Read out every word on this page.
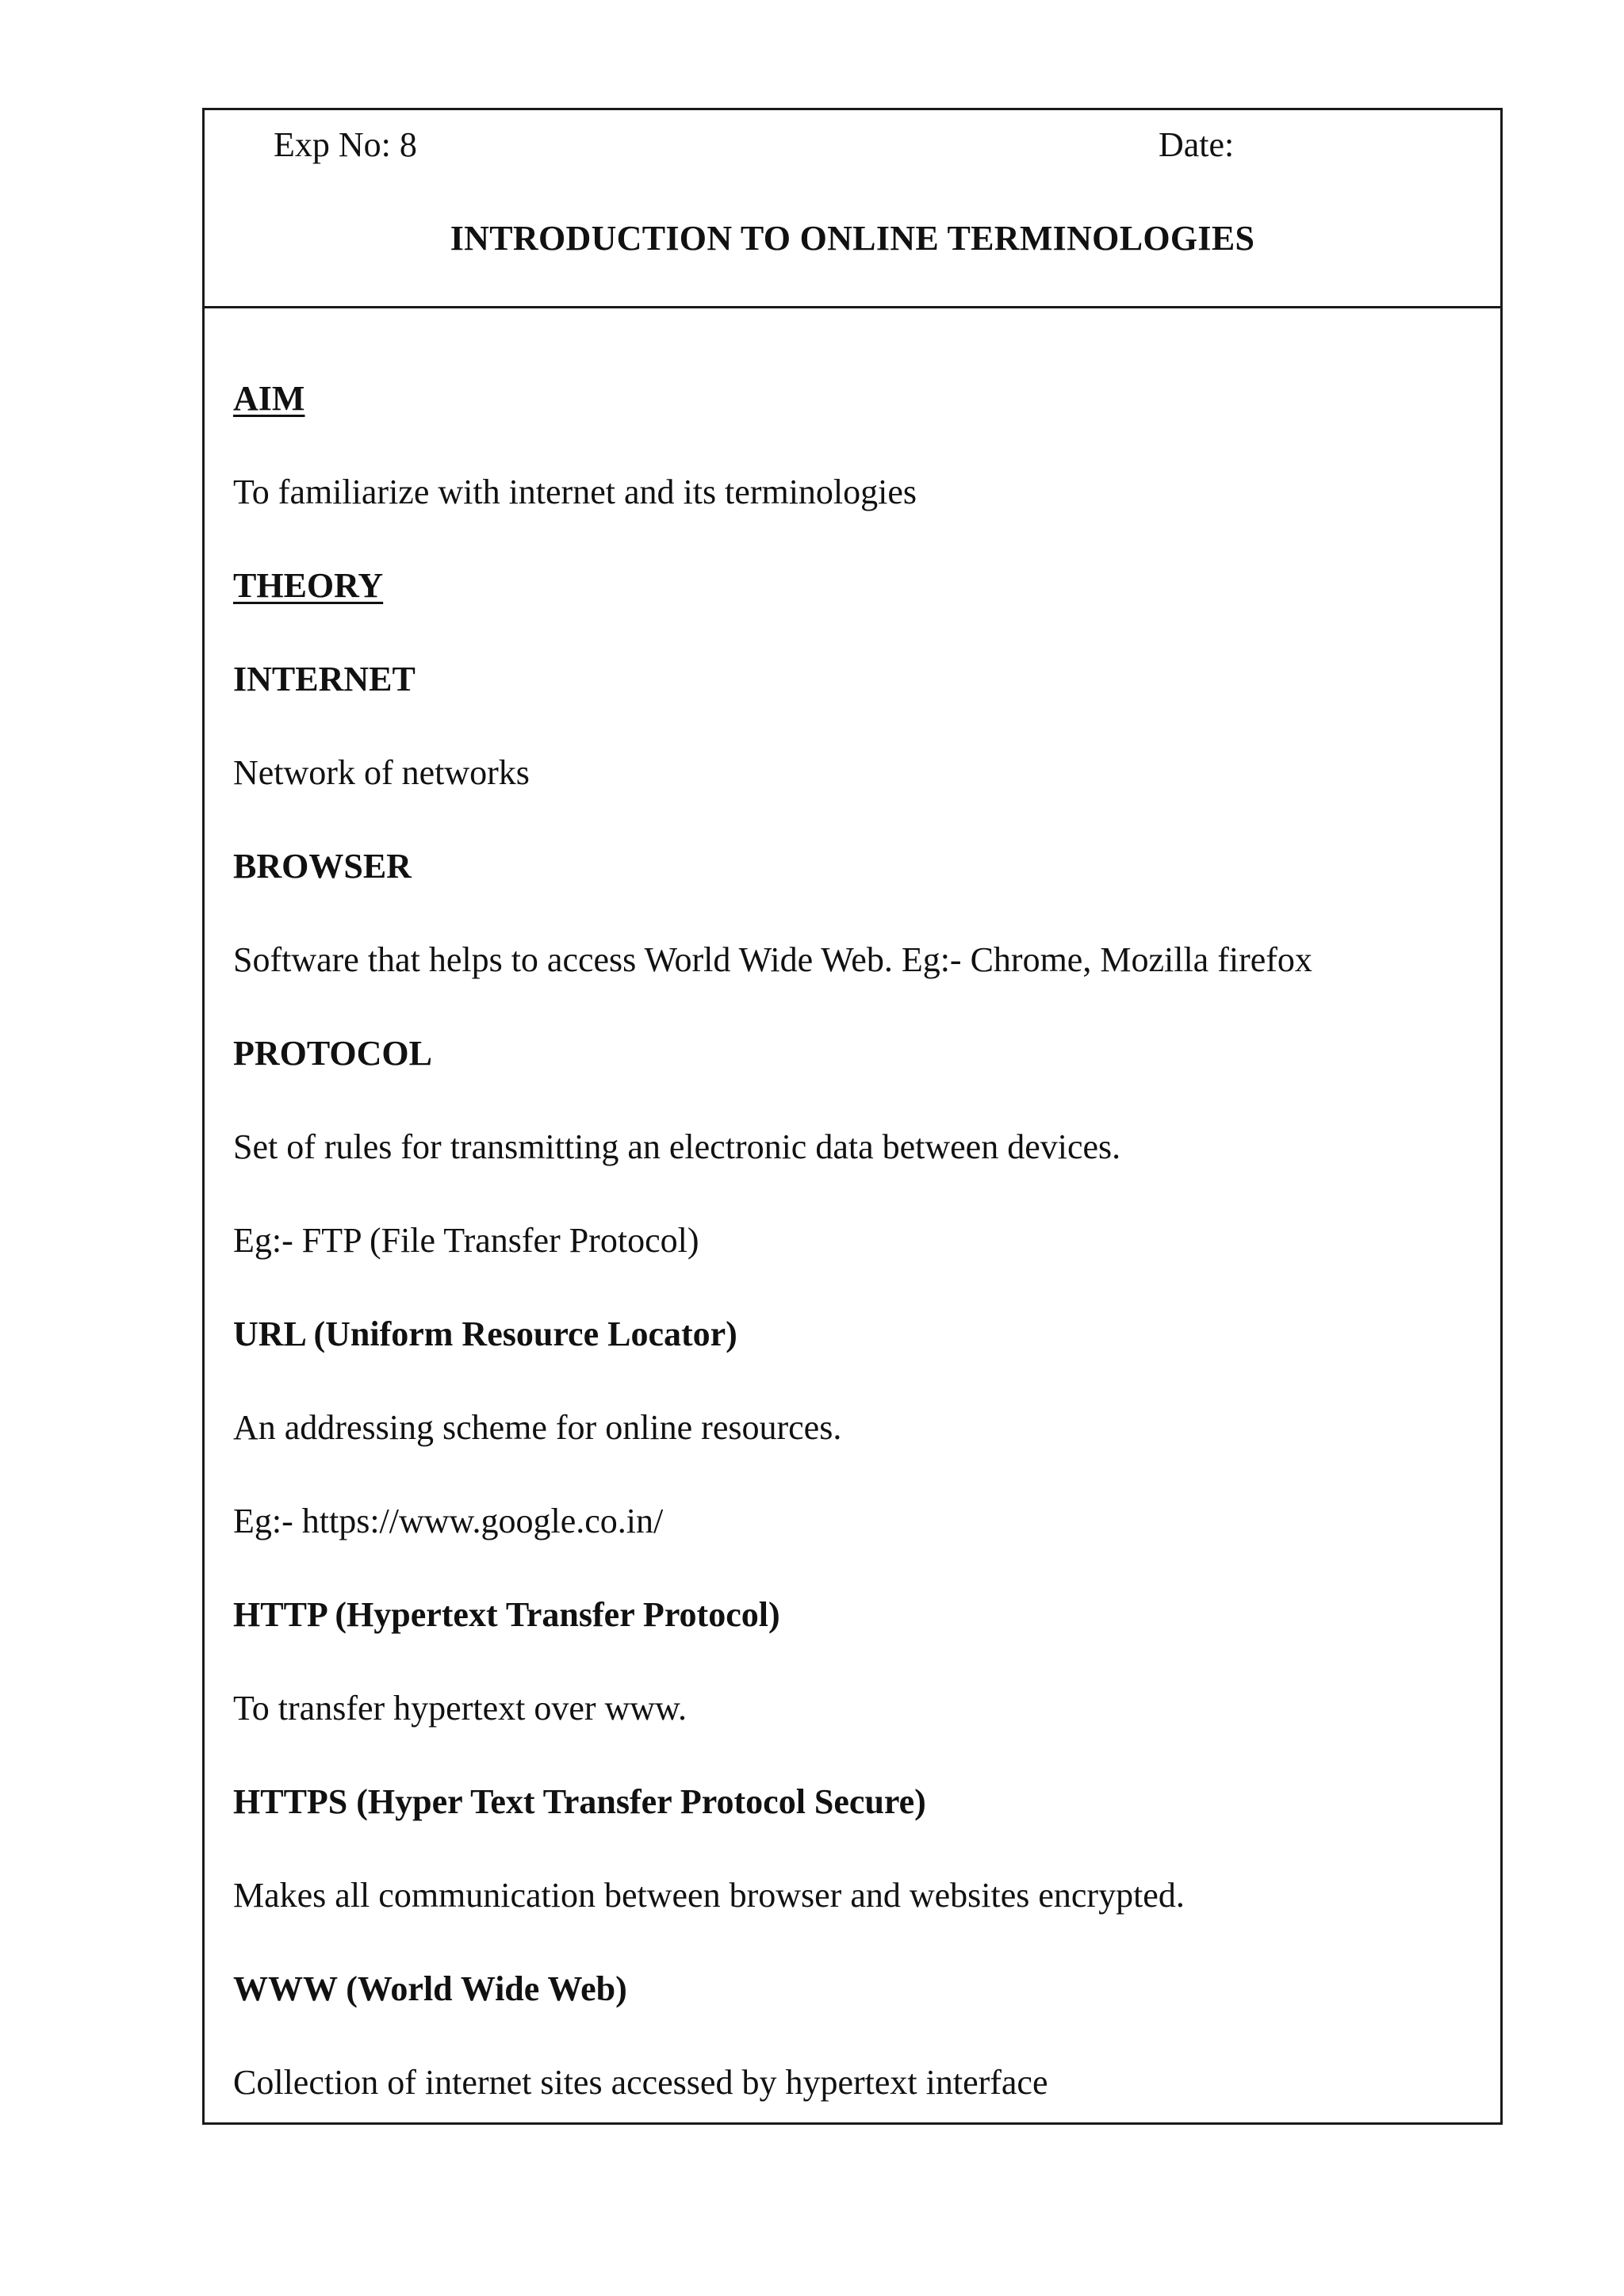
Exp No: 8	Date:
INTRODUCTION TO ONLINE TERMINOLOGIES
AIM
To familiarize with internet and its terminologies
THEORY
INTERNET
Network of networks
BROWSER
Software that helps to access World Wide Web. Eg:- Chrome, Mozilla firefox
PROTOCOL
Set of rules for transmitting an electronic data between devices.
Eg:- FTP (File Transfer Protocol)
URL (Uniform Resource Locator)
An addressing scheme for online resources.
Eg:- https://www.google.co.in/
HTTP (Hypertext Transfer Protocol)
To transfer hypertext over www.
HTTPS (Hyper Text Transfer Protocol Secure)
Makes all communication between browser and websites encrypted.
WWW (World Wide Web)
Collection of internet sites accessed by hypertext interface
